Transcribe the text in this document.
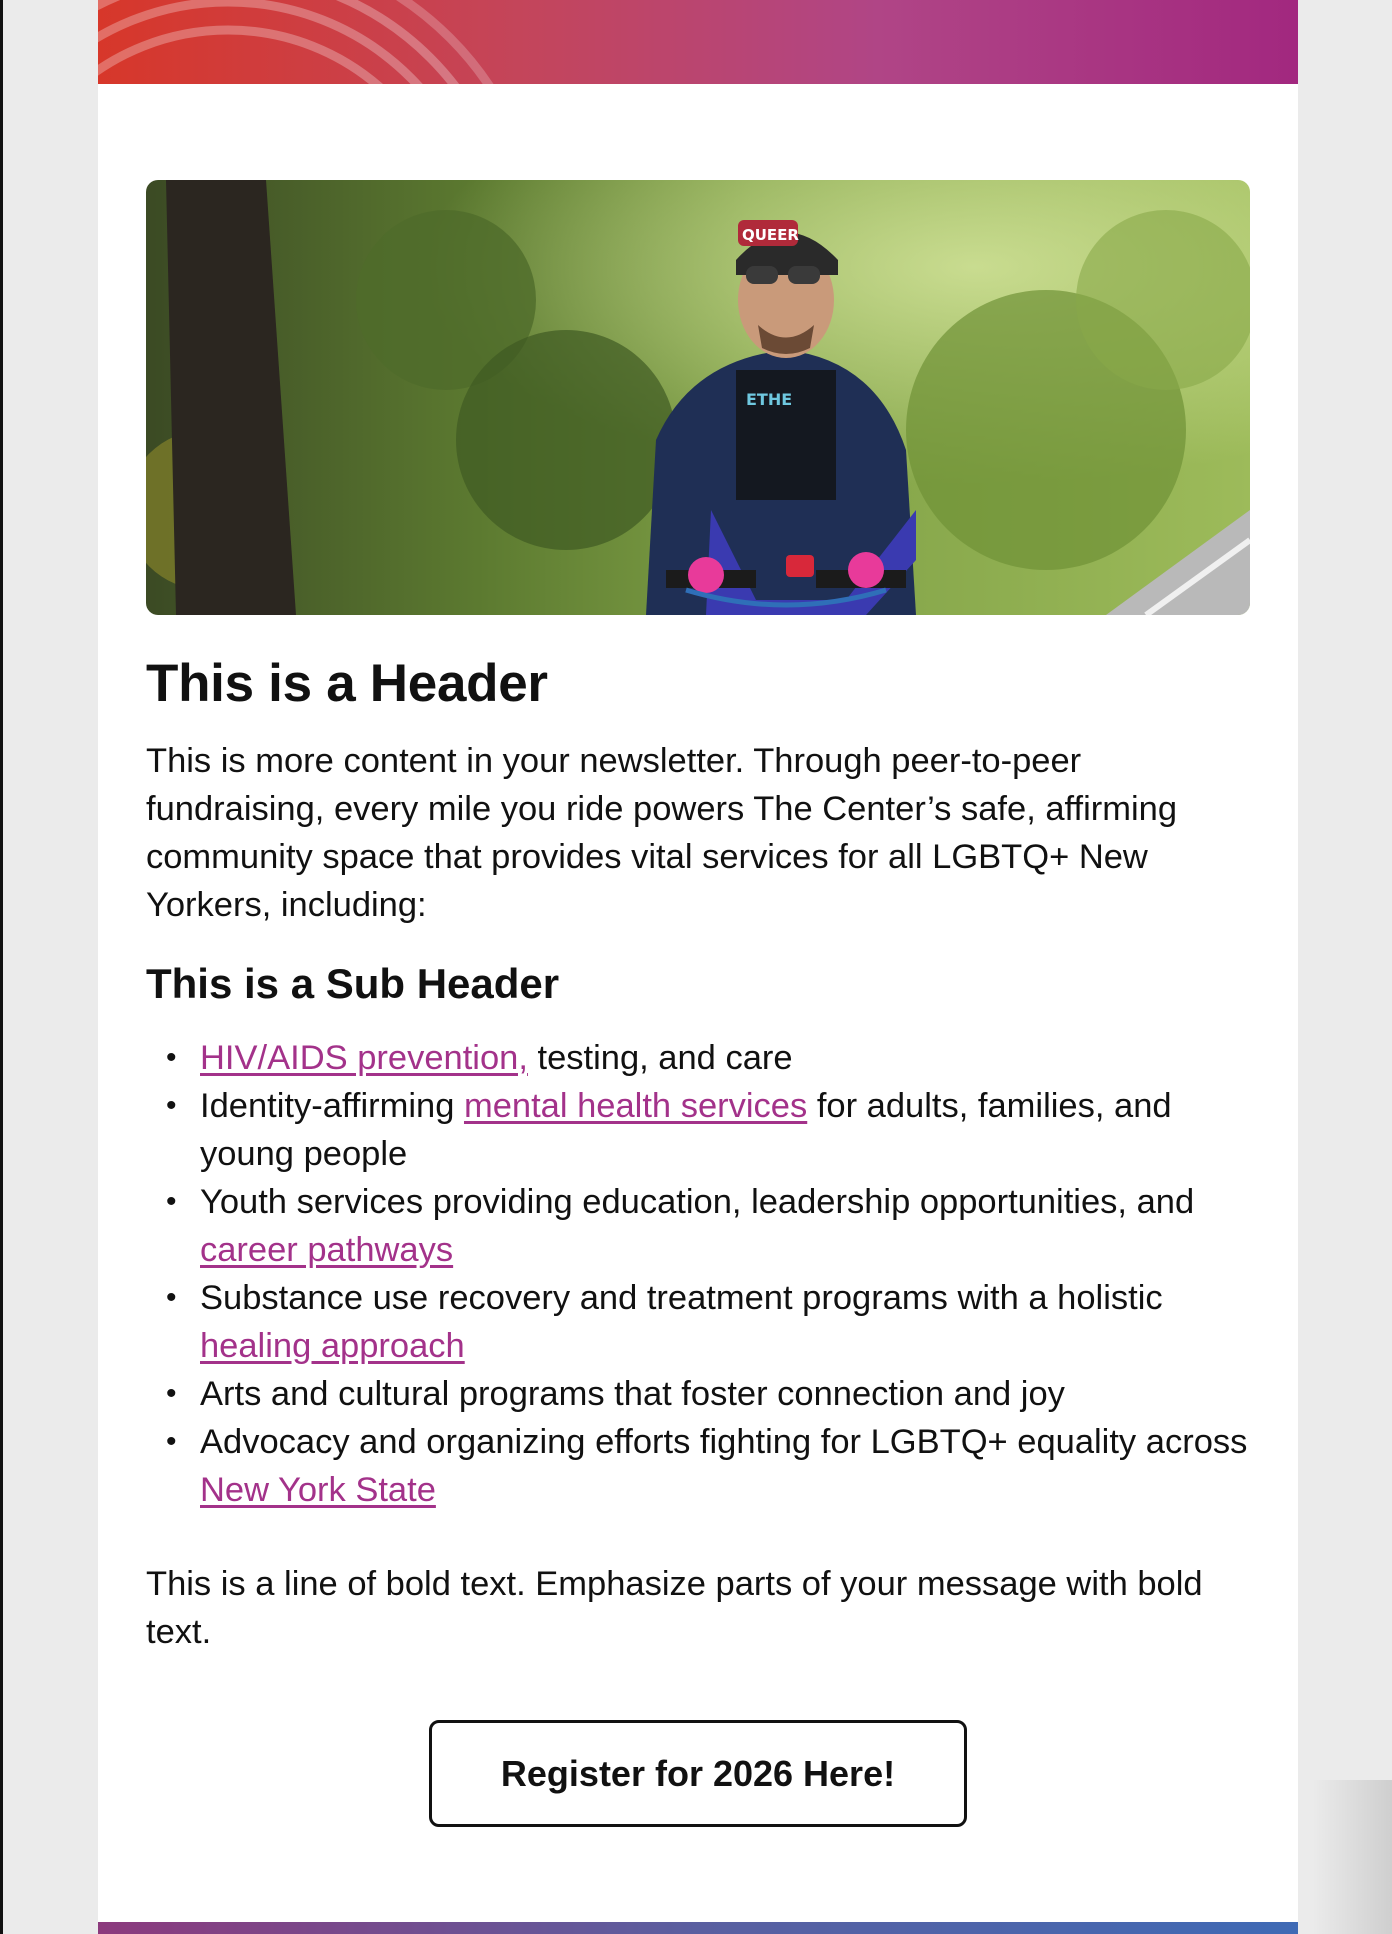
ETHE
QUEER
This is a Header

This is more content in your newsletter. Through peer-to-peer fundraising, every mile you ride powers The Center’s safe, affirming community space that provides vital services for all LGBTQ+ New Yorkers, including:

This is a Sub Header
• HIV/AIDS prevention, testing, and care
• Identity-affirming mental health services for adults, families, and young people
• Youth services providing education, leadership opportunities, and career pathways
• Substance use recovery and treatment programs with a holistic healing approach
• Arts and cultural programs that foster connection and joy
• Advocacy and organizing efforts fighting for LGBTQ+ equality across New York State

This is a line of bold text. Emphasize parts of your message with bold text.

Register for 2026 Here!
